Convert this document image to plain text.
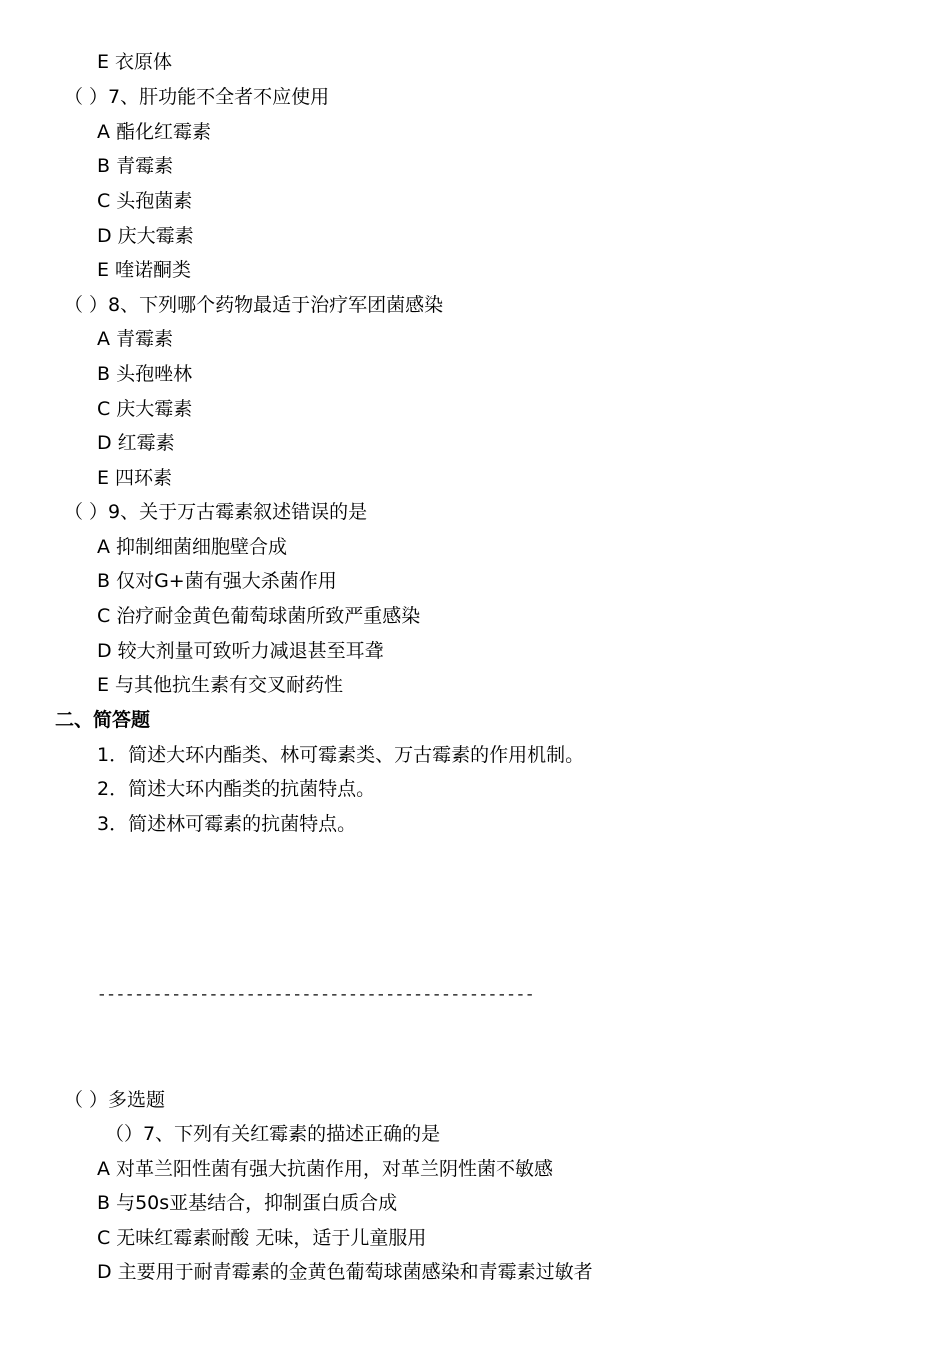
E 衣原体
（ ）7、肝功能不全者不应使用
A 酯化红霉素
B 青霉素
C 头孢菌素
D 庆大霉素
E 喹诺酮类
（ ）8、下列哪个药物最适于治疗军团菌感染
A 青霉素
B 头孢唑林
C 庆大霉素
D 红霉素
E 四环素
（ ）9、关于万古霉素叙述错误的是
A 抑制细菌细胞壁合成
B 仅对G+菌有强大杀菌作用
C 治疗耐金黄色葡萄球菌所致严重感染
D 较大剂量可致听力减退甚至耳聋
E 与其他抗生素有交叉耐药性
二、简答题
1．简述大环内酯类、林可霉素类、万古霉素的作用机制。
2．简述大环内酯类的抗菌特点。
3．简述林可霉素的抗菌特点。
-----------------------------------------------
（ ）多选题
（）7、下列有关红霉素的描述正确的是
A 对革兰阳性菌有强大抗菌作用，对革兰阴性菌不敏感
B 与50s亚基结合，抑制蛋白质合成
C 无味红霉素耐酸 无味，适于儿童服用
D 主要用于耐青霉素的金黄色葡萄球菌感染和青霉素过敏者
